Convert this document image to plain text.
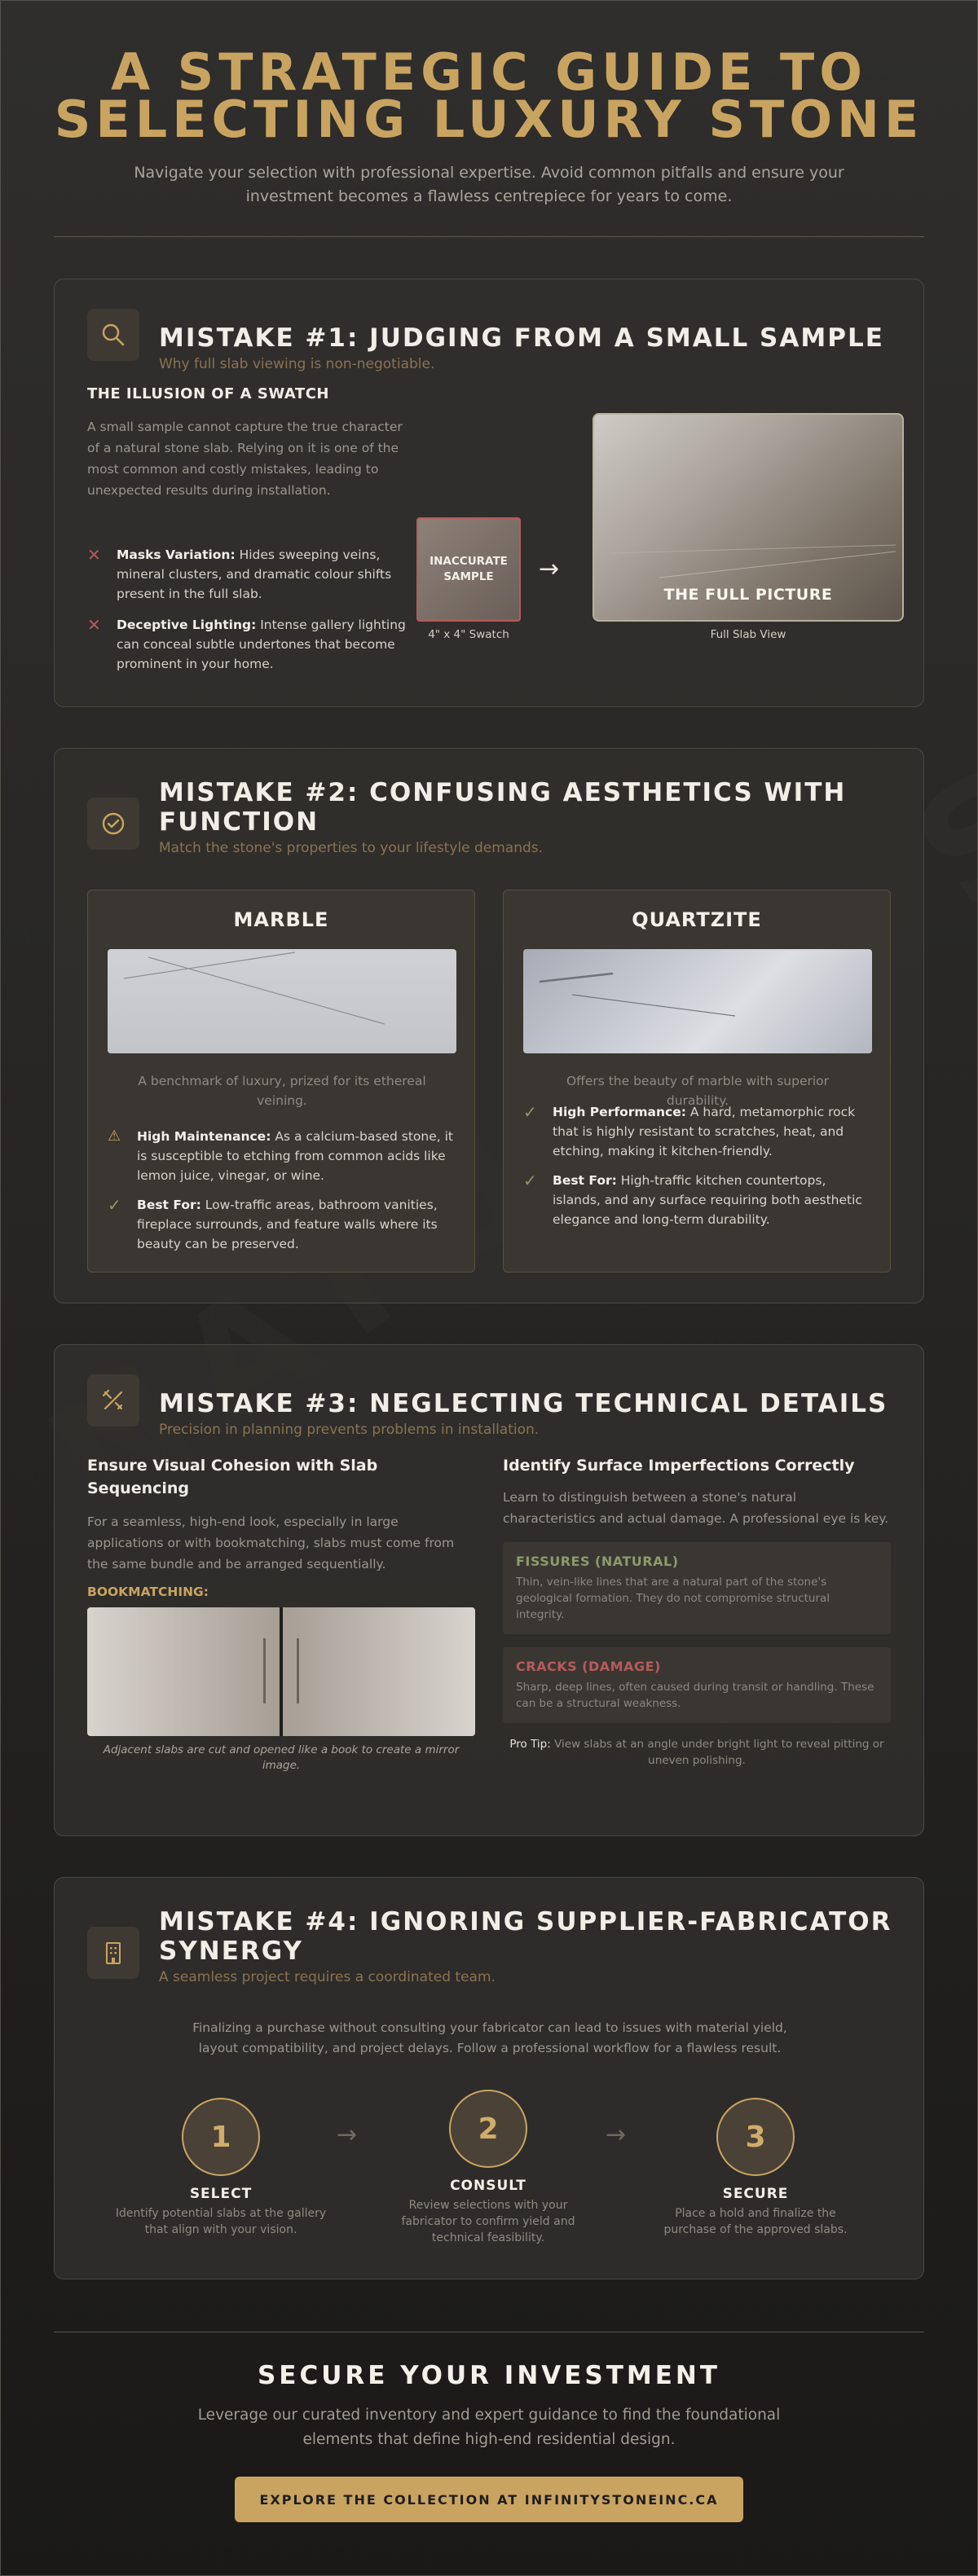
A STRATEGIC GUIDE TO
SELECTING LUXURY STONE

Navigate your selection with professional expertise. Avoid common pitfalls and ensure your investment becomes a flawless centrepiece for years to come.

MISTAKE #1: JUDGING FROM A SMALL SAMPLE
Why full slab viewing is non-negotiable.
THE ILLUSION OF A SWATCH
A small sample cannot capture the true character of a natural stone slab. Relying on it is one of the most common and costly mistakes, leading to unexpected results during installation.
✕ Masks Variation: Hides sweeping veins, mineral clusters, and dramatic colour shifts present in the full slab.
✕ Deceptive Lighting: Intense gallery lighting can conceal subtle undertones that become prominent in your home.
INACCURATE SAMPLE
4" x 4" Swatch
→
THE FULL PICTURE
Full Slab View
MISTAKE #2: CONFUSING AESTHETICS WITH FUNCTION
Match the stone's properties to your lifestyle demands.
MARBLE
A benchmark of luxury, prized for its ethereal veining.
⚠ High Maintenance: As a calcium-based stone, it is susceptible to etching from common acids like lemon juice, vinegar, or wine.
✓ Best For: Low-traffic areas, bathroom vanities, fireplace surrounds, and feature walls where its beauty can be preserved.
QUARTZITE
Offers the beauty of marble with superior durability.
✓ High Performance: A hard, metamorphic rock that is highly resistant to scratches, heat, and etching, making it kitchen-friendly.
✓ Best For: High-traffic kitchen countertops, islands, and any surface requiring both aesthetic elegance and long-term durability.
MISTAKE #3: NEGLECTING TECHNICAL DETAILS
Precision in planning prevents problems in installation.
Ensure Visual Cohesion with Slab Sequencing
For a seamless, high-end look, especially in large applications or with bookmatching, slabs must come from the same bundle and be arranged sequentially.
BOOKMATCHING:
Adjacent slabs are cut and opened like a book to create a mirror image.
Identify Surface Imperfections Correctly
Learn to distinguish between a stone's natural characteristics and actual damage. A professional eye is key.
FISSURES (NATURAL)
Thin, vein-like lines that are a natural part of the stone's geological formation. They do not compromise structural integrity.
CRACKS (DAMAGE)
Sharp, deep lines, often caused during transit or handling. These can be a structural weakness.
Pro Tip: View slabs at an angle under bright light to reveal pitting or uneven polishing.
MISTAKE #4: IGNORING SUPPLIER-FABRICATOR SYNERGY
A seamless project requires a coordinated team.
Finalizing a purchase without consulting your fabricator can lead to issues with material yield, layout compatibility, and project delays. Follow a professional workflow for a flawless result.
1
SELECT
Identify potential slabs at the gallery that align with your vision.
→	2
CONSULT
Review selections with your fabricator to confirm yield and technical feasibility.
→	3
SECURE
Place a hold and finalize the purchase of the approved slabs.
SECURE YOUR INVESTMENT
Leverage our curated inventory and expert guidance to find the foundational elements that define high-end residential design.
EXPLORE THE COLLECTION AT INFINITYSTONEINC.CA
